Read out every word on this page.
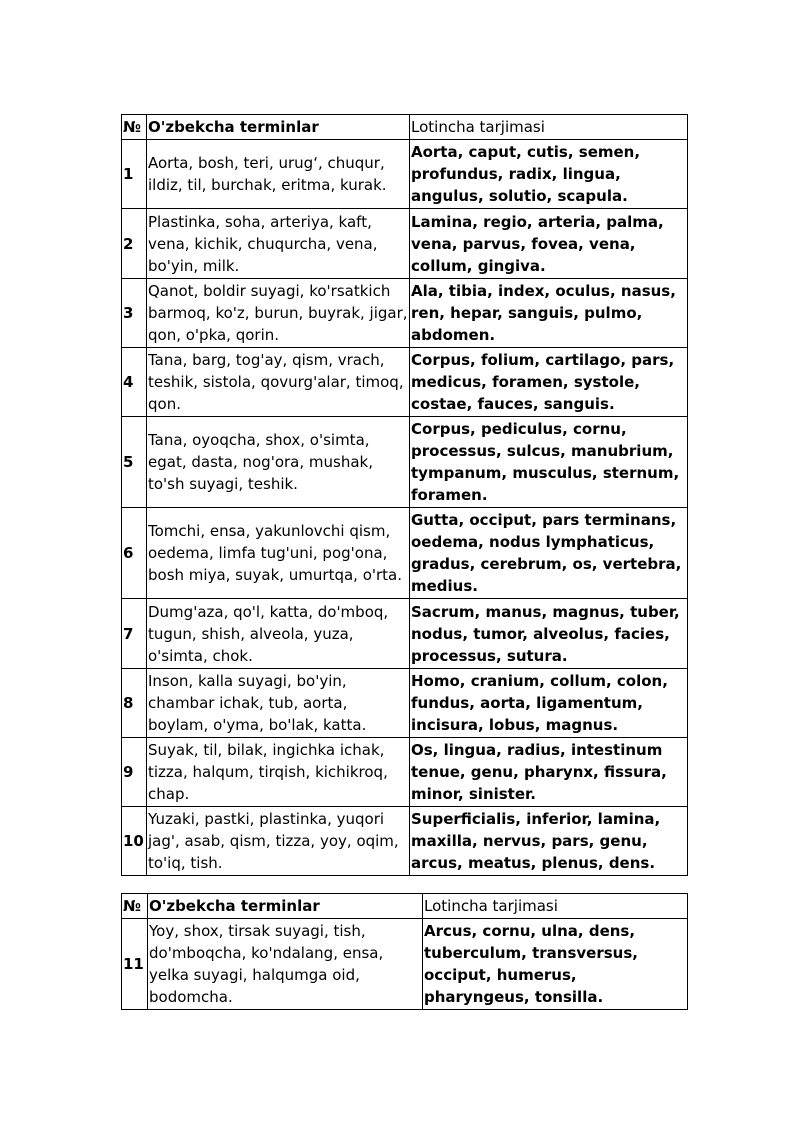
№	O'zbekcha terminlar	Lotincha tarjimasi
1	Aorta, bosh, teri, urug‘, chuqur, ildiz, til, burchak, eritma, kurak.	Aorta, caput, cutis, semen, profundus, radix, lingua, angulus, solutio, scapula.
2	Plastinka, soha, arteriya, kaft, vena, kichik, chuqurcha, vena, bo'yin, milk.	Lamina, regio, arteria, palma, vena, parvus, fovea, vena, collum, gingiva.
3	Qanot, boldir suyagi, ko'rsatkich barmoq, ko'z, burun, buyrak, jigar, qon, o'pka, qorin.	Ala, tibia, index, oculus, nasus, ren, hepar, sanguis, pulmo, abdomen.
4	Tana, barg, tog'ay, qism, vrach, teshik, sistola, qovurg'alar, timoq, qon.	Corpus, folium, cartilago, pars, medicus, foramen, systole, costae, fauces, sanguis.
5	Tana, oyoqcha, shox, o'simta, egat, dasta, nog'ora, mushak, to'sh suyagi, teshik.	Corpus, pediculus, cornu, processus, sulcus, manubrium, tympanum, musculus, sternum, foramen.
6	Tomchi, ensa, yakunlovchi qism, oedema, limfa tug'uni, pog'ona, bosh miya, suyak, umurtqa, o'rta.	Gutta, occiput, pars terminans, oedema, nodus lymphaticus, gradus, cerebrum, os, vertebra, medius.
7	Dumg'aza, qo'l, katta, do'mboq, tugun, shish, alveola, yuza, o'simta, chok.	Sacrum, manus, magnus, tuber, nodus, tumor, alveolus, facies, processus, sutura.
8	Inson, kalla suyagi, bo'yin, chambar ichak, tub, aorta, boylam, o'yma, bo'lak, katta.	Homo, cranium, collum, colon, fundus, aorta, ligamentum, incisura, lobus, magnus.
9	Suyak, til, bilak, ingichka ichak, tizza, halqum, tirqish, kichikroq, chap.	Os, lingua, radius, intestinum tenue, genu, pharynx, fissura, minor, sinister.
10	Yuzaki, pastki, plastinka, yuqori jag', asab, qism, tizza, yoy, oqim, to'iq, tish.	Superficialis, inferior, lamina, maxilla, nervus, pars, genu, arcus, meatus, plenus, dens.
№	O'zbekcha terminlar	Lotincha tarjimasi
11	Yoy, shox, tirsak suyagi, tish, do'mboqcha, ko'ndalang, ensa, yelka suyagi, halqumga oid, bodomcha.	Arcus, cornu, ulna, dens, tuberculum, transversus, occiput, humerus, pharyngeus, tonsilla.
